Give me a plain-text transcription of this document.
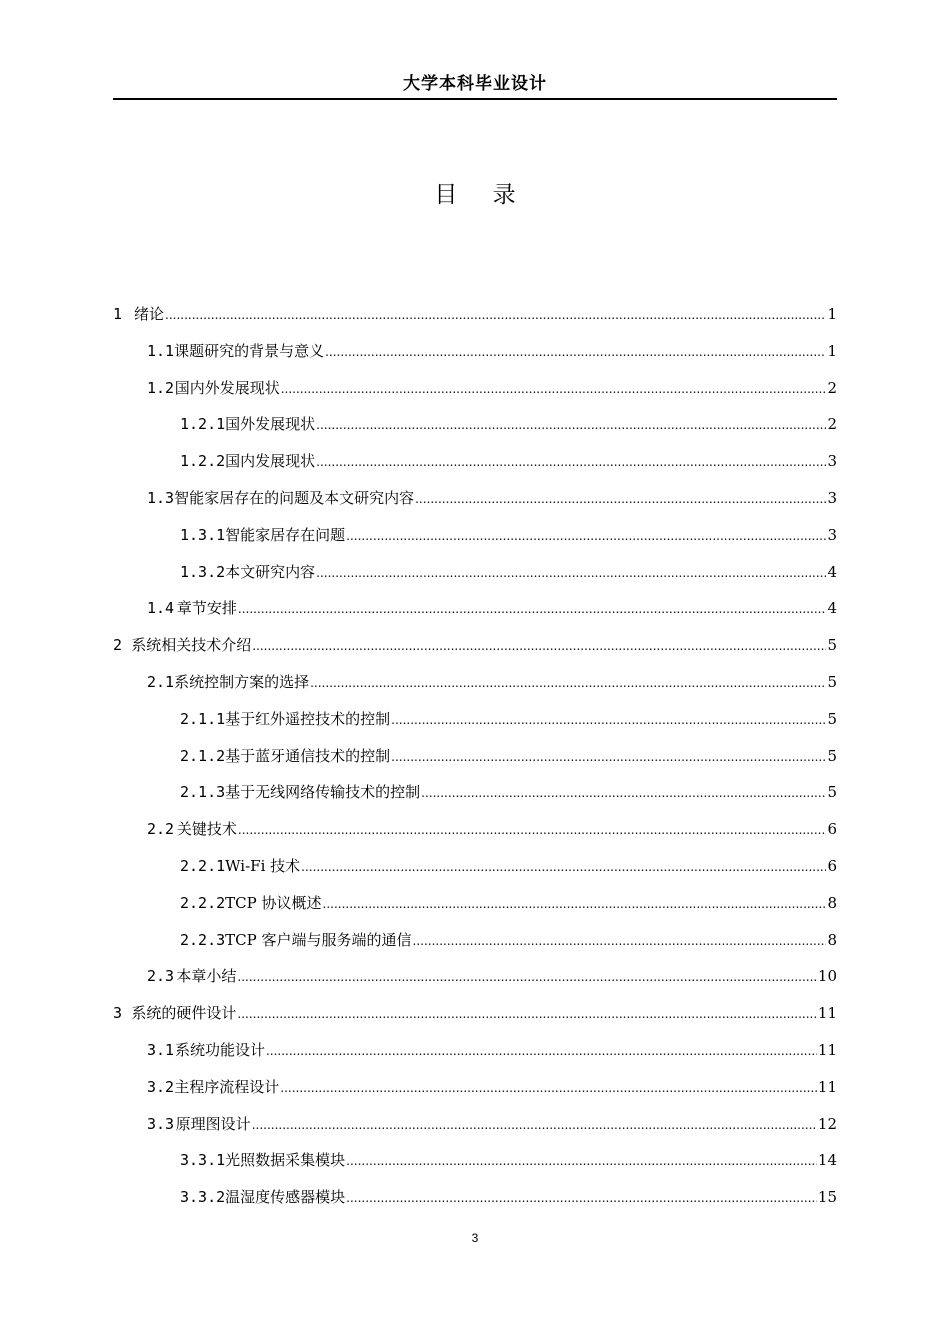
大学本科毕业设计
目 录
1 绪论 .....	1
1.1 课题研究的背景与意义 .....	1
1.2 国内外发展现状 .....	2
1.2.1 国外发展现状 .....	2
1.2.2 国内发展现状 .....	3
1.3 智能家居存在的问题及本文研究内容 .....	3
1.3.1 智能家居存在问题 .....	3
1.3.2 本文研究内容 .....	4
1.4 章节安排 .....	4
2 系统相关技术介绍 .....	5
2.1 系统控制方案的选择 .....	5
2.1.1 基于红外遥控技术的控制 .....	5
2.1.2 基于蓝牙通信技术的控制 .....	5
2.1.3 基于无线网络传输技术的控制 .....	5
2.2 关键技术 .....	6
2.2.1 Wi-Fi 技术 .....	6
2.2.2 TCP 协议概述 .....	8
2.2.3 TCP 客户端与服务端的通信 .....	8
2.3 本章小结 .....	10
3 系统的硬件设计 .....	11
3.1 系统功能设计 .....	11
3.2 主程序流程设计 .....	11
3.3 原理图设计 .....	12
3.3.1 光照数据采集模块 .....	14
3.3.2 温湿度传感器模块 .....	15
3
